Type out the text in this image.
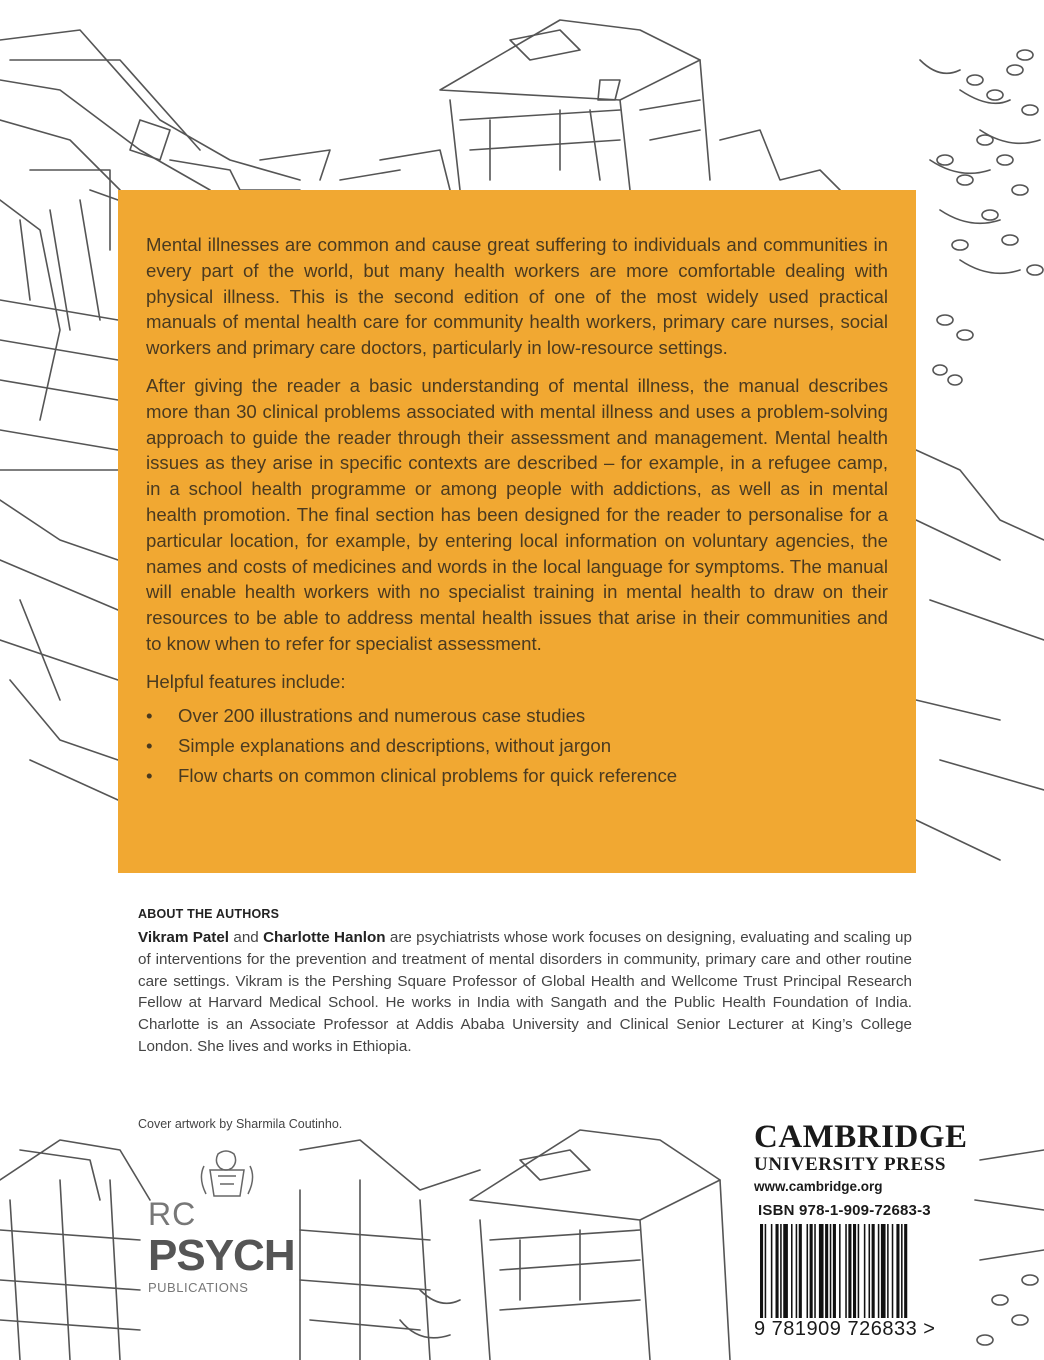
Mental illnesses are common and cause great suffering to individuals and communities in every part of the world, but many health workers are more comfortable dealing with physical illness. This is the second edition of one of the most widely used practical manuals of mental health care for community health workers, primary care nurses, social workers and primary care doctors, particularly in low-resource settings.

After giving the reader a basic understanding of mental illness, the manual describes more than 30 clinical problems associated with mental illness and uses a problem-solving approach to guide the reader through their assessment and management. Mental health issues as they arise in specific contexts are described – for example, in a refugee camp, in a school health programme or among people with addictions, as well as in mental health promotion. The final section has been designed for the reader to personalise for a particular location, for example, by entering local information on voluntary agencies, the names and costs of medicines and words in the local language for symptoms. The manual will enable health workers with no specialist training in mental health to draw on their resources to be able to address mental health issues that arise in their communities and to know when to refer for specialist assessment.

Helpful features include:
•	Over 200 illustrations and numerous case studies
•	Simple explanations and descriptions, without jargon
•	Flow charts on common clinical problems for quick reference
ABOUT THE AUTHORS

Vikram Patel and Charlotte Hanlon are psychiatrists whose work focuses on designing, evaluating and scaling up of interventions for the prevention and treatment of mental disorders in community, primary care and other routine care settings. Vikram is the Pershing Square Professor of Global Health and Wellcome Trust Principal Research Fellow at Harvard Medical School. He works in India with Sangath and the Public Health Foundation of India. Charlotte is an Associate Professor at Addis Ababa University and Clinical Senior Lecturer at King’s College London. She lives and works in Ethiopia.

Cover artwork by Sharmila Coutinho.
RC
PSYCH
PUBLICATIONS
CAMBRIDGE
UNIVERSITY PRESS
www.cambridge.org
ISBN 978-1-909-72683-3
9 781909 726833 >
